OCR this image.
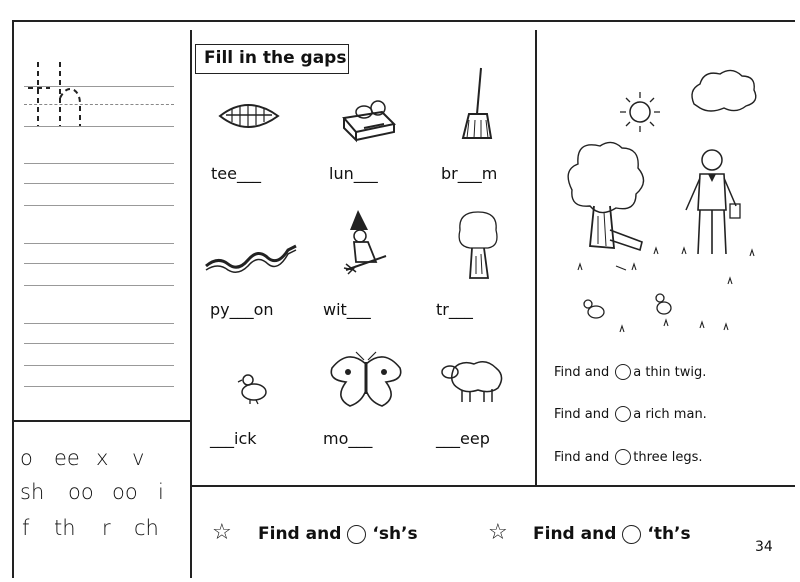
o ee x v
sh oo oo i
f th r ch
Fill in the gaps
tee___	lun___	br___m
py___on	wit___	tr___
___ick	mo___	___eep
Find and a thin twig.
Find and a rich man.
Find and three legs.
☆ Find and ‘sh’s	☆ Find and ‘th’s
34
